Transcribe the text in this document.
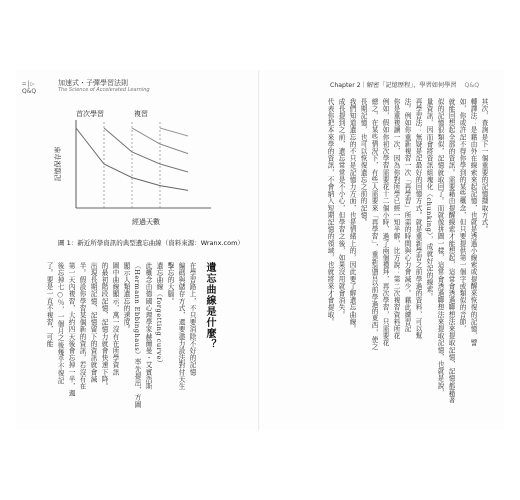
=|▷
Q&Q
加速式・子彈學習法則
The Science of Accelerated Learning
記憶保存率
經過天數
首次學習	複習
圖 1：新近所學資訊的典型遺忘曲線（資料來源：Wranx.com）
遺忘曲線是什麼？
在學習路上，不只要消除不好的記憶
編碼與儲存方式，還要盡力設法對付天生
擊忘的大腦。
遺忘曲線（forgetting curve）
此概念由德國心理學家赫爾曼・艾賓浩斯
（Hermann Ebbinghaus）率先提出，方圖
顯示人類遺忘的速度。
圖中曲線顯示，萬一沒有在所學資訊
的最初階段記憶，記憶力就會快速下降。
出現長期記憶，記憶留下的資訊就會減
半。假設你學習某個新的資訊，若沒有在
第一天內複習，大約四天後會忘掉一半，週
後忘掉七○％，一個月之後幾乎不復記
了。要是一直不複習，可能
Chapter 2｜解密「記憶歷程」，學習如何學習 Q&Q
其次，查詢是下一個重要的記憶擷取方式。
轉譯法：是藉由外在線索來起記憶，也就是透過小線索或提醒來恢復的記憶，譬
如，你或許記不得你學到的某些概念，但只要提供第一個字或類似的音節，
就能回想起全部的資訊。需要藉由提醒線索才能想起，這常會透過聯想法來提取記憶，記憶都藉著
似的記憶很類似，記憶就取回了。而就像拼圖一樣，這常會透過聯想法來提取記憶，也就是說，
量資訊，因而會將資訊組塊化（chunking），成就好記的線索。
再學習法：無疑是記最好的回憶方式。就是重新學習之前學過的資料，可以幫
法。例如你重新複習一次「再學習」所需的時間與心力會減少。藉此練習記
你是重複讀一次，因為你對所學已經一知半解，比方說：第二次複習資料所花
例如，假如你初次學習需要花十二個小時，過了兩個禮拜，再次學習，只需要花
總之，在某些情況下，有些人需要來「再學習」，重新溫習以前學過的東西，使之
長期記憶，也可以恢復遺忘之前的記憶。
我們知道遺忘的不只是記憶力方面，也是情緒上的，因此要了解遺忘曲線。
成長提到之前，遺忘常常是不小心，但學習之後，如果沒用就會消失。
代表你把本來學的資訊，不會納入短期記憶的領域，也就將來才會提取。
